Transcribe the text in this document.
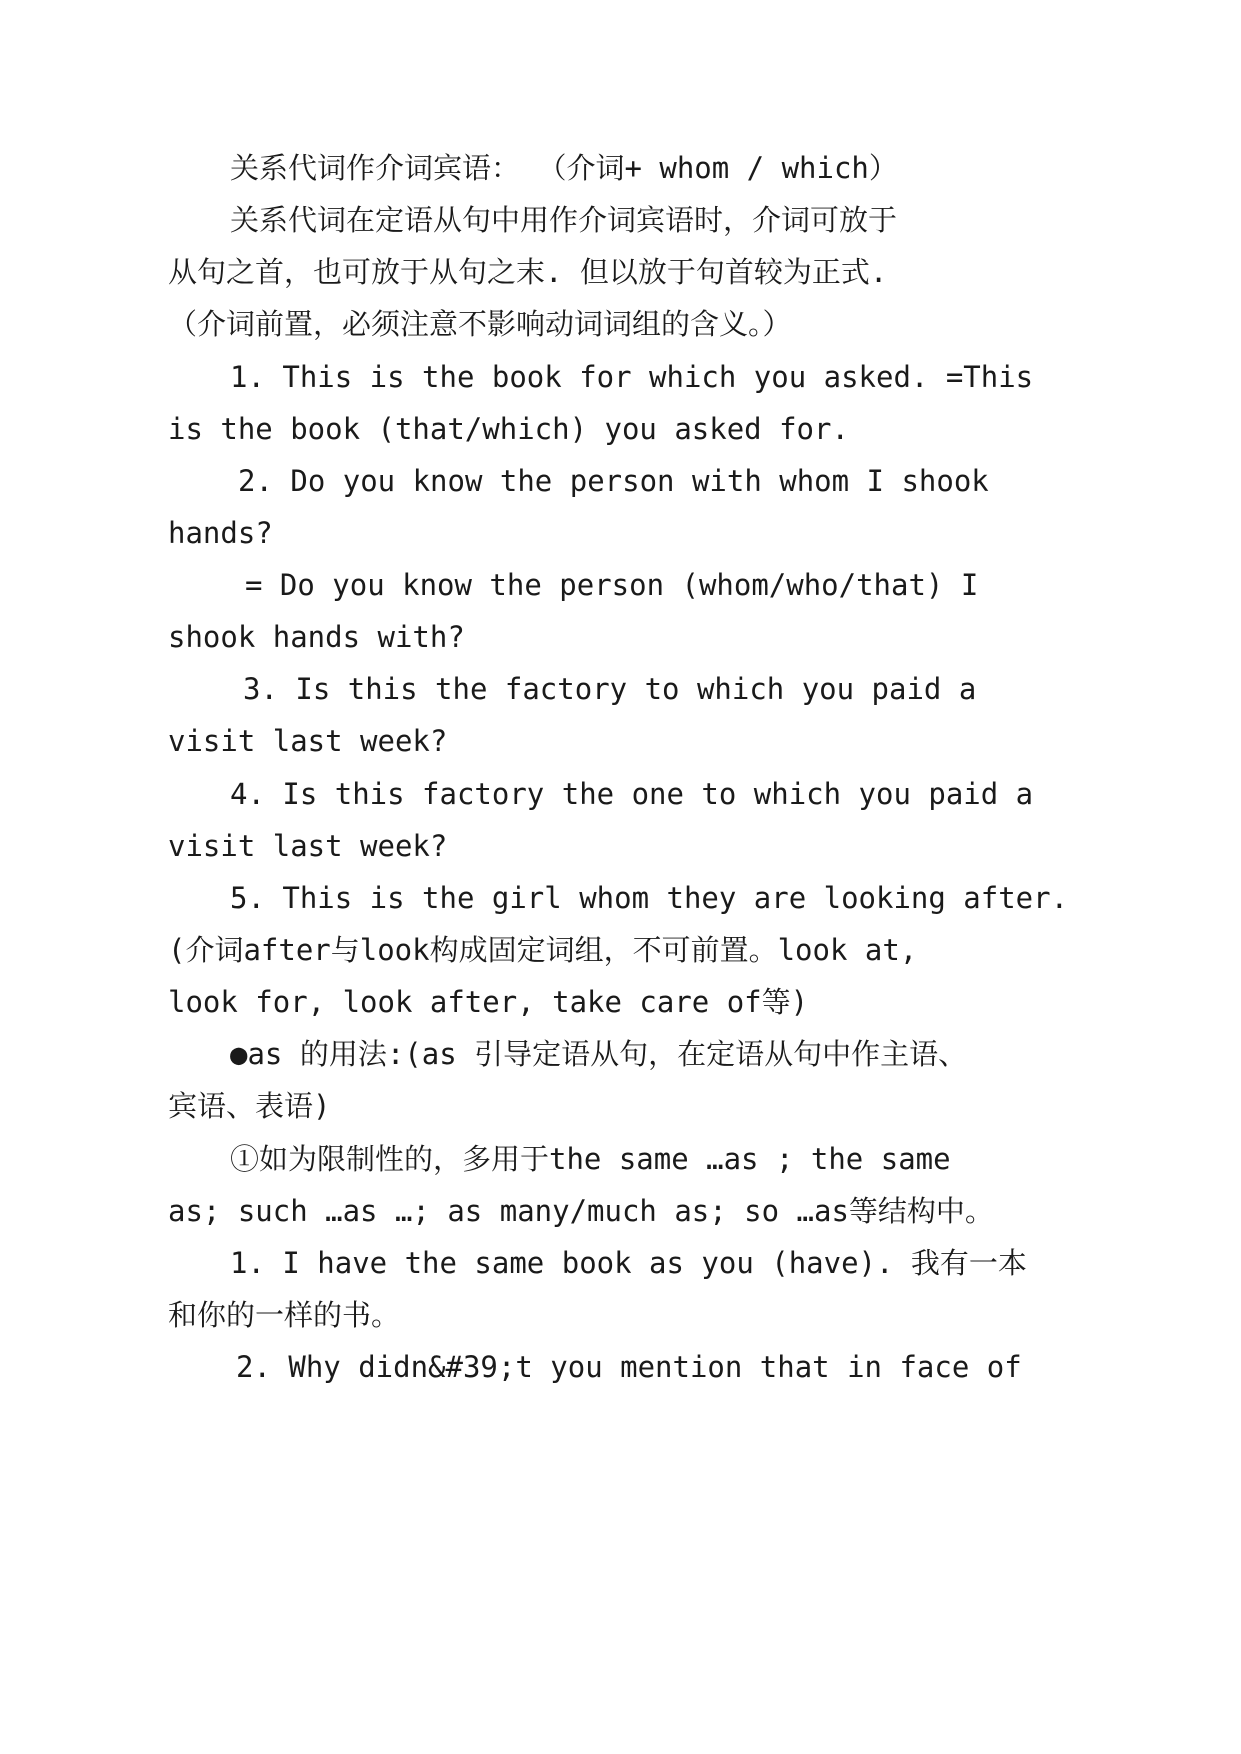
关系代词作介词宾语： （介词+ whom / which）
关系代词在定语从句中用作介词宾语时，介词可放于
从句之首，也可放于从句之末. 但以放于句首较为正式.
（介词前置，必须注意不影响动词词组的含义。）
1. This is the book for which you asked. =This
is the book (that/which) you asked for.
2. Do you know the person with whom I shook
hands?
= Do you know the person (whom/who/that) I
shook hands with?
3. Is this the factory to which you paid a
visit last week?
4. Is this factory the one to which you paid a
visit last week?
5. This is the girl whom they are looking after.
(介词after与look构成固定词组，不可前置。look at,
look for, look after, take care of等)
●as 的用法:(as 引导定语从句，在定语从句中作主语、
宾语、表语)
①如为限制性的，多用于the same …as ; the same
as; such …as …; as many/much as; so …as等结构中。
1. I have the same book as you (have). 我有一本
和你的一样的书。
2. Why didn&#39;t you mention that in face of
